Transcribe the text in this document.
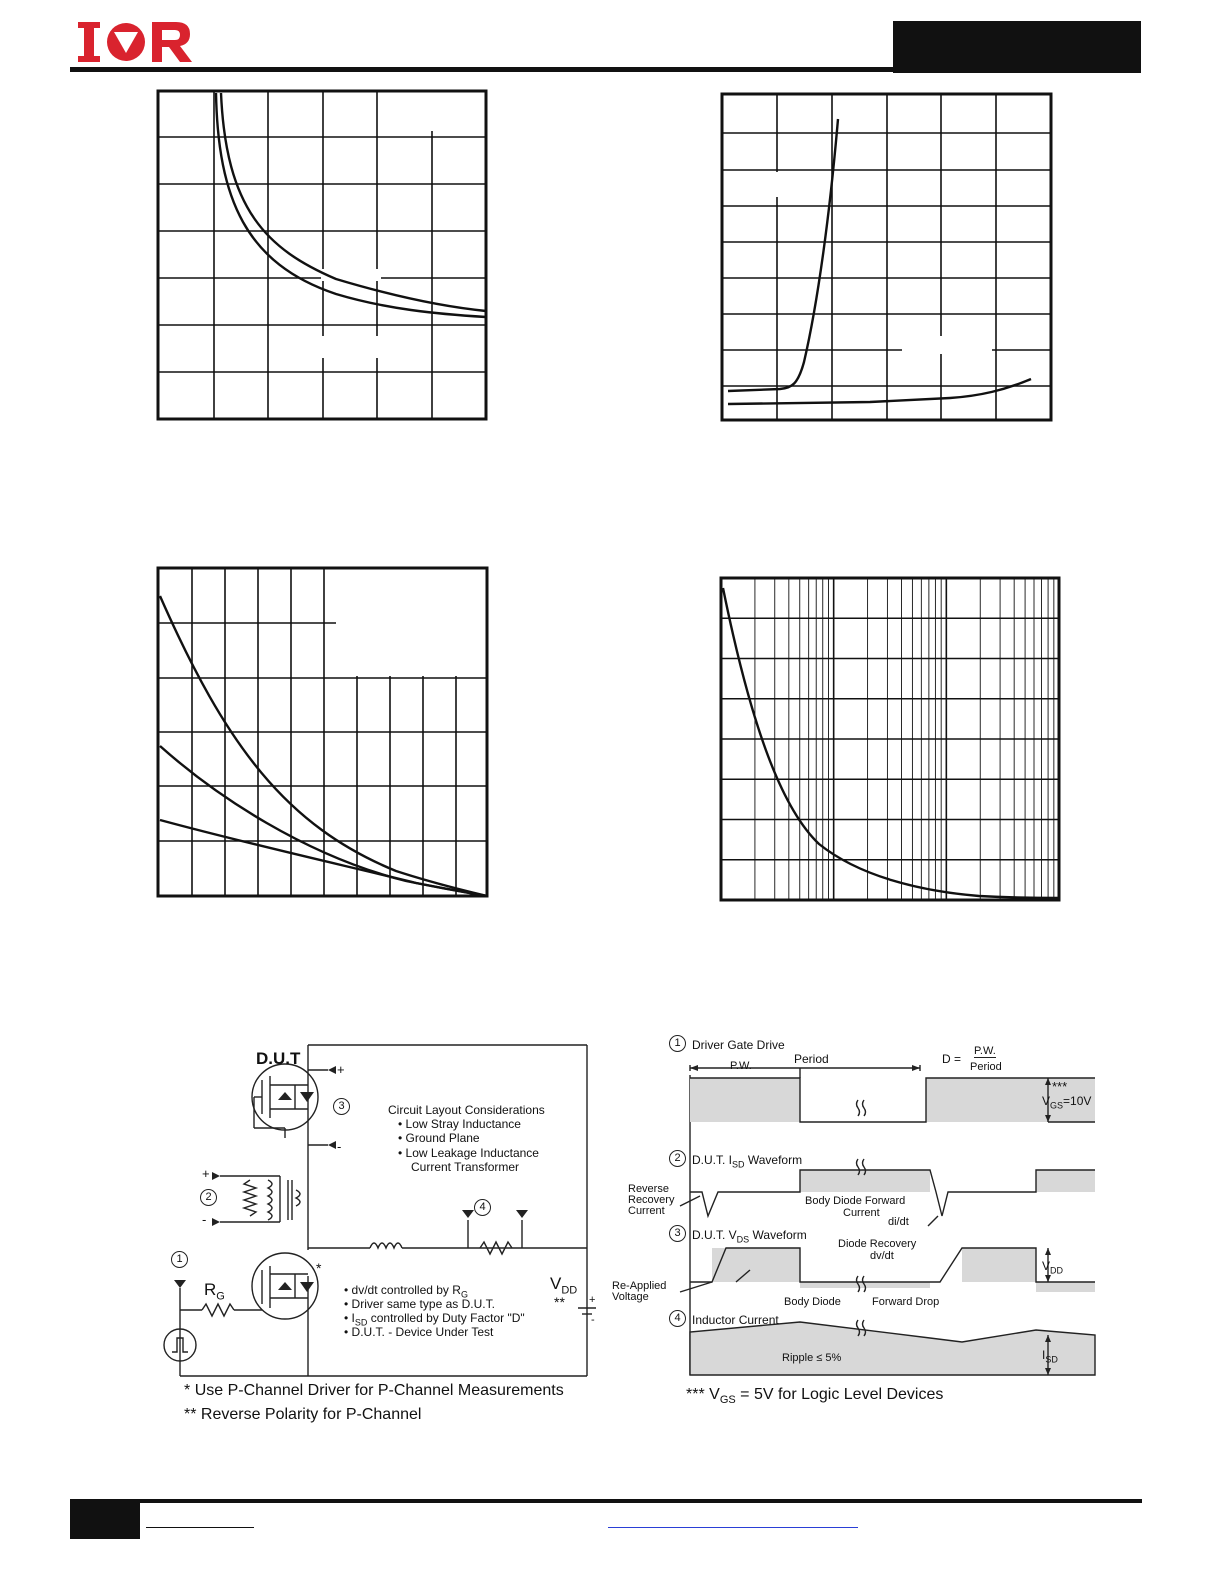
D.U.T
+
-
+
-
3
2
4
1
*
$R_G$
$V_{DD}$
** +
-
Circuit Layout Considerations
• Low Stray Inductance
• Ground Plane
• Low Leakage Inductance
Current Transformer
• dv/dt controlled by $R_G$
• Driver same type as D.U.T.
• $I_{SD}$ controlled by Duty Factor "D"
• D.U.T. - Device Under Test
* Use P-Channel Driver for P-Channel Measurements
** Reverse Polarity for P-Channel
1 Driver Gate Drive
P.W.	Period	D =
P.W.
Period
***
$V_{GS}=10V$
2 D.U.T. $I_{SD}$ Waveform
Reverse
Recovery
Current
Body Diode Forward
Current
di/dt
3 D.U.T. $V_{DS}$ Waveform
Diode Recovery
dv/dt
$V_{DD}$
Re-Applied
Voltage	Body Diode	Forward Drop
4 Inductor Current
Ripple ≤ 5%	$I_{SD}$
*** $V_{GS} = 5V$ for Logic Level Devices
